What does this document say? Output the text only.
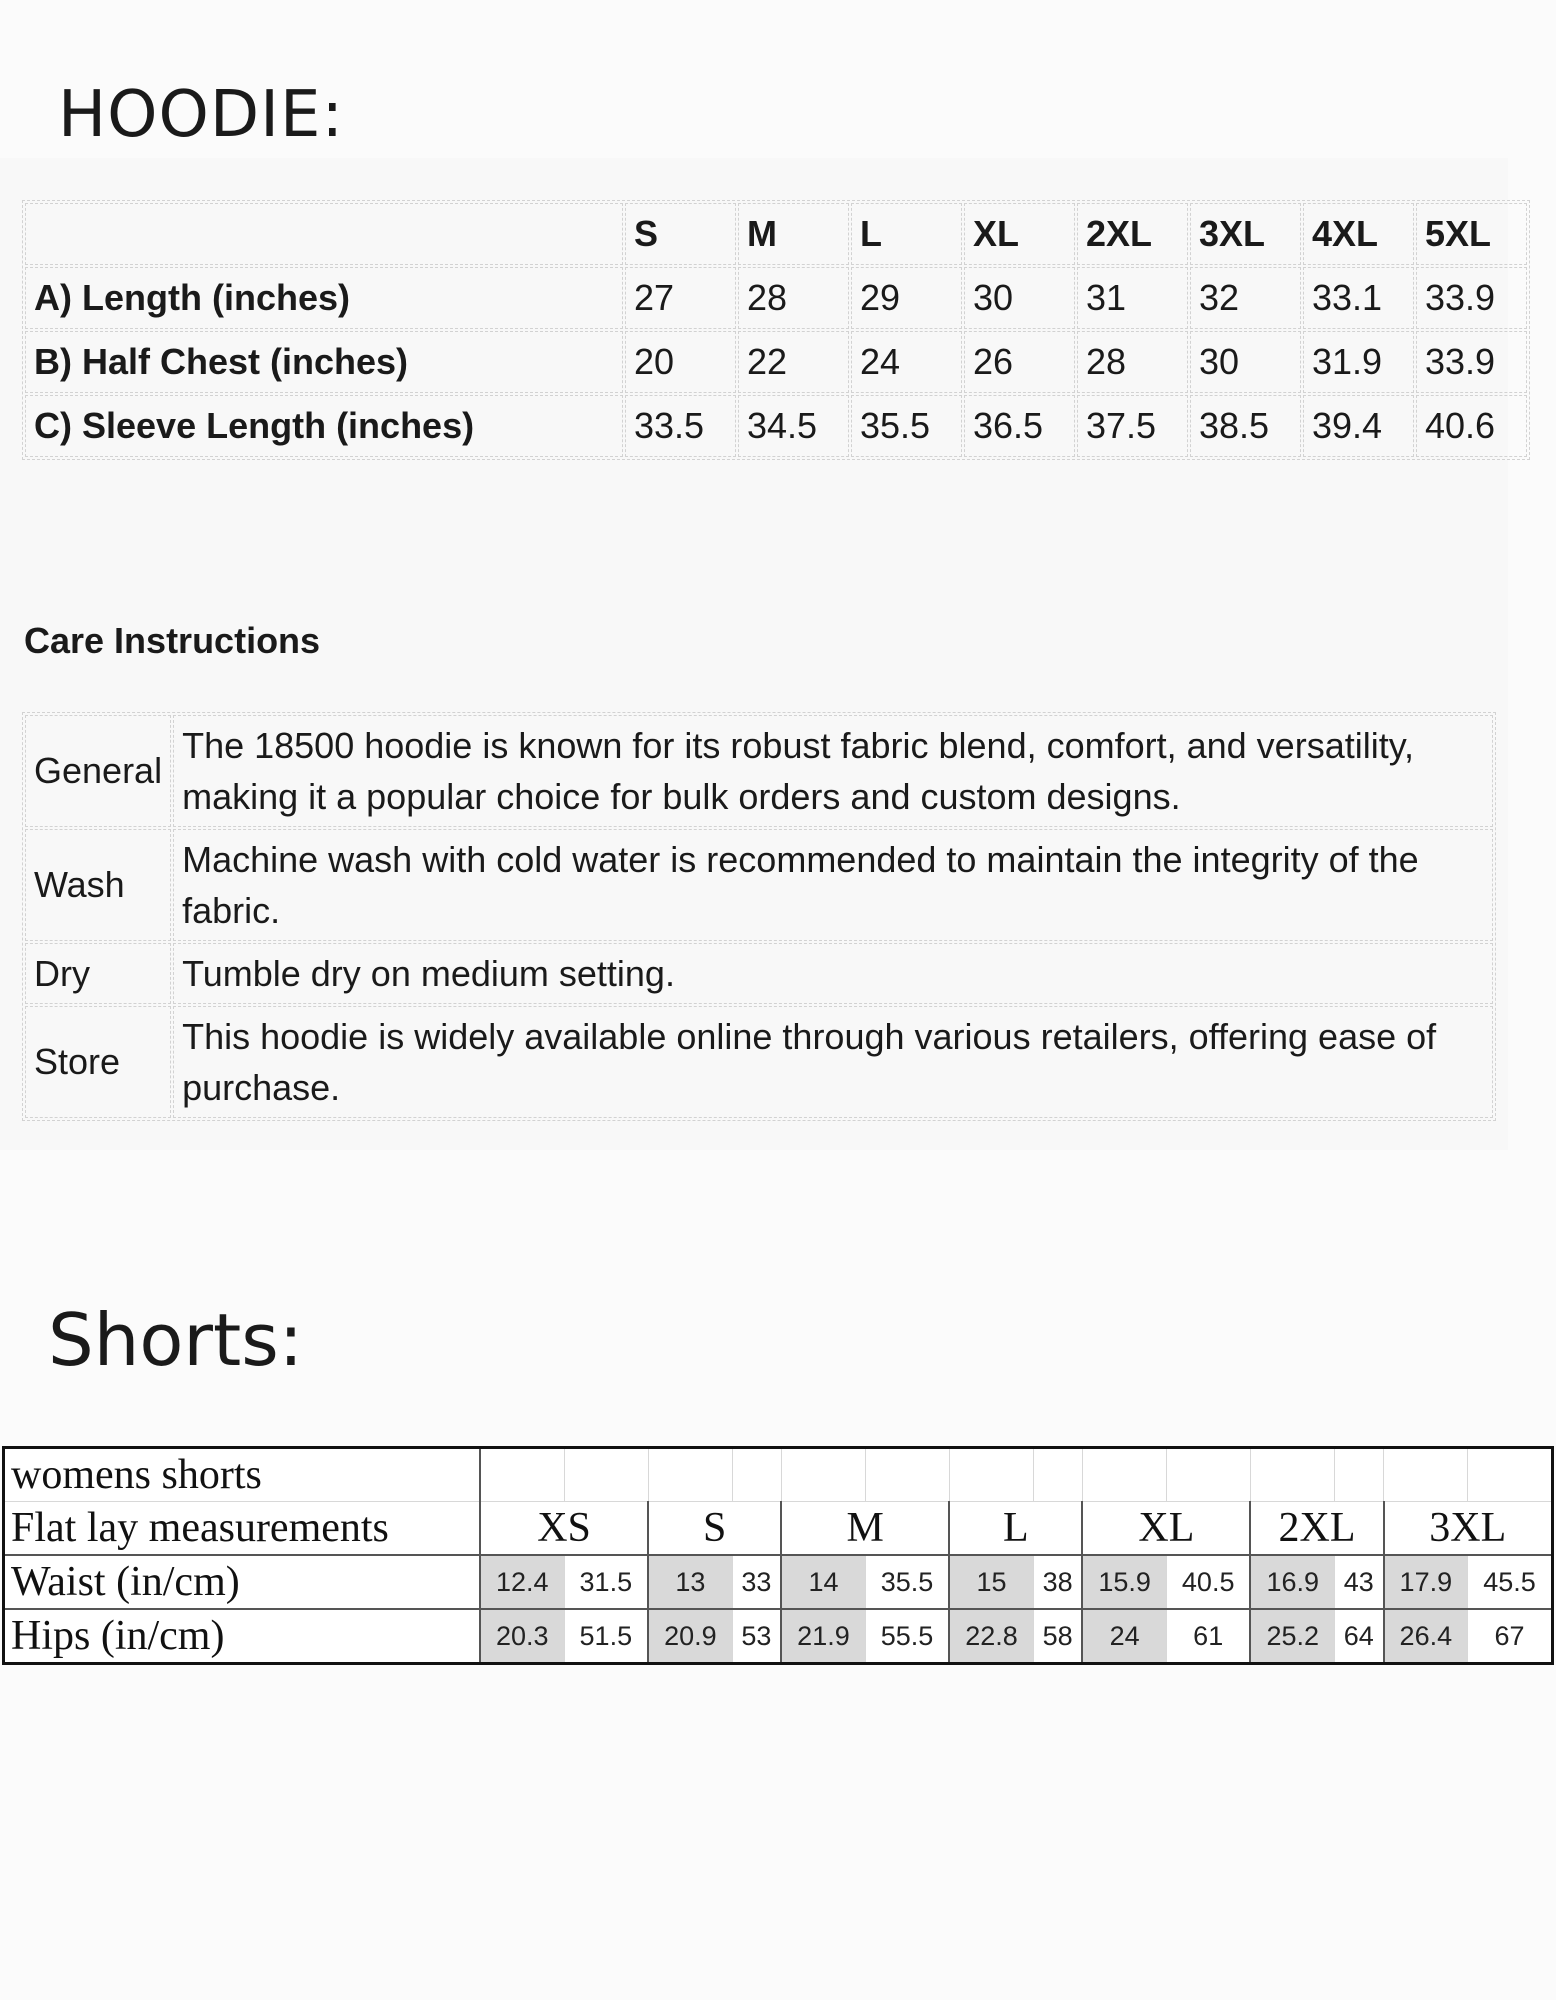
HOODIE:
	S	M	L	XL	2XL	3XL	4XL	5XL
A) Length (inches)	27	28	29	30	31	32	33.1	33.9
B) Half Chest (inches)	20	22	24	26	28	30	31.9	33.9
C) Sleeve Length (inches)	33.5	34.5	35.5	36.5	37.5	38.5	39.4	40.6
Care Instructions
General	The 18500 hoodie is known for its robust fabric blend, comfort, and versatility, making it a popular choice for bulk orders and custom designs.
Wash	Machine wash with cold water is recommended to maintain the integrity of the fabric.
Dry	Tumble dry on medium setting.
Store	This hoodie is widely available online through various retailers, offering ease of purchase.
Shorts:
womens shorts														
Flat lay measurements	XS		S		M		L		XL		2XL		3XL	
Waist (in/cm)	12.4	31.5	13	33	14	35.5	15	38	15.9	40.5	16.9	43	17.9	45.5
Hips (in/cm)	20.3	51.5	20.9	53	21.9	55.5	22.8	58	24	61	25.2	64	26.4	67
